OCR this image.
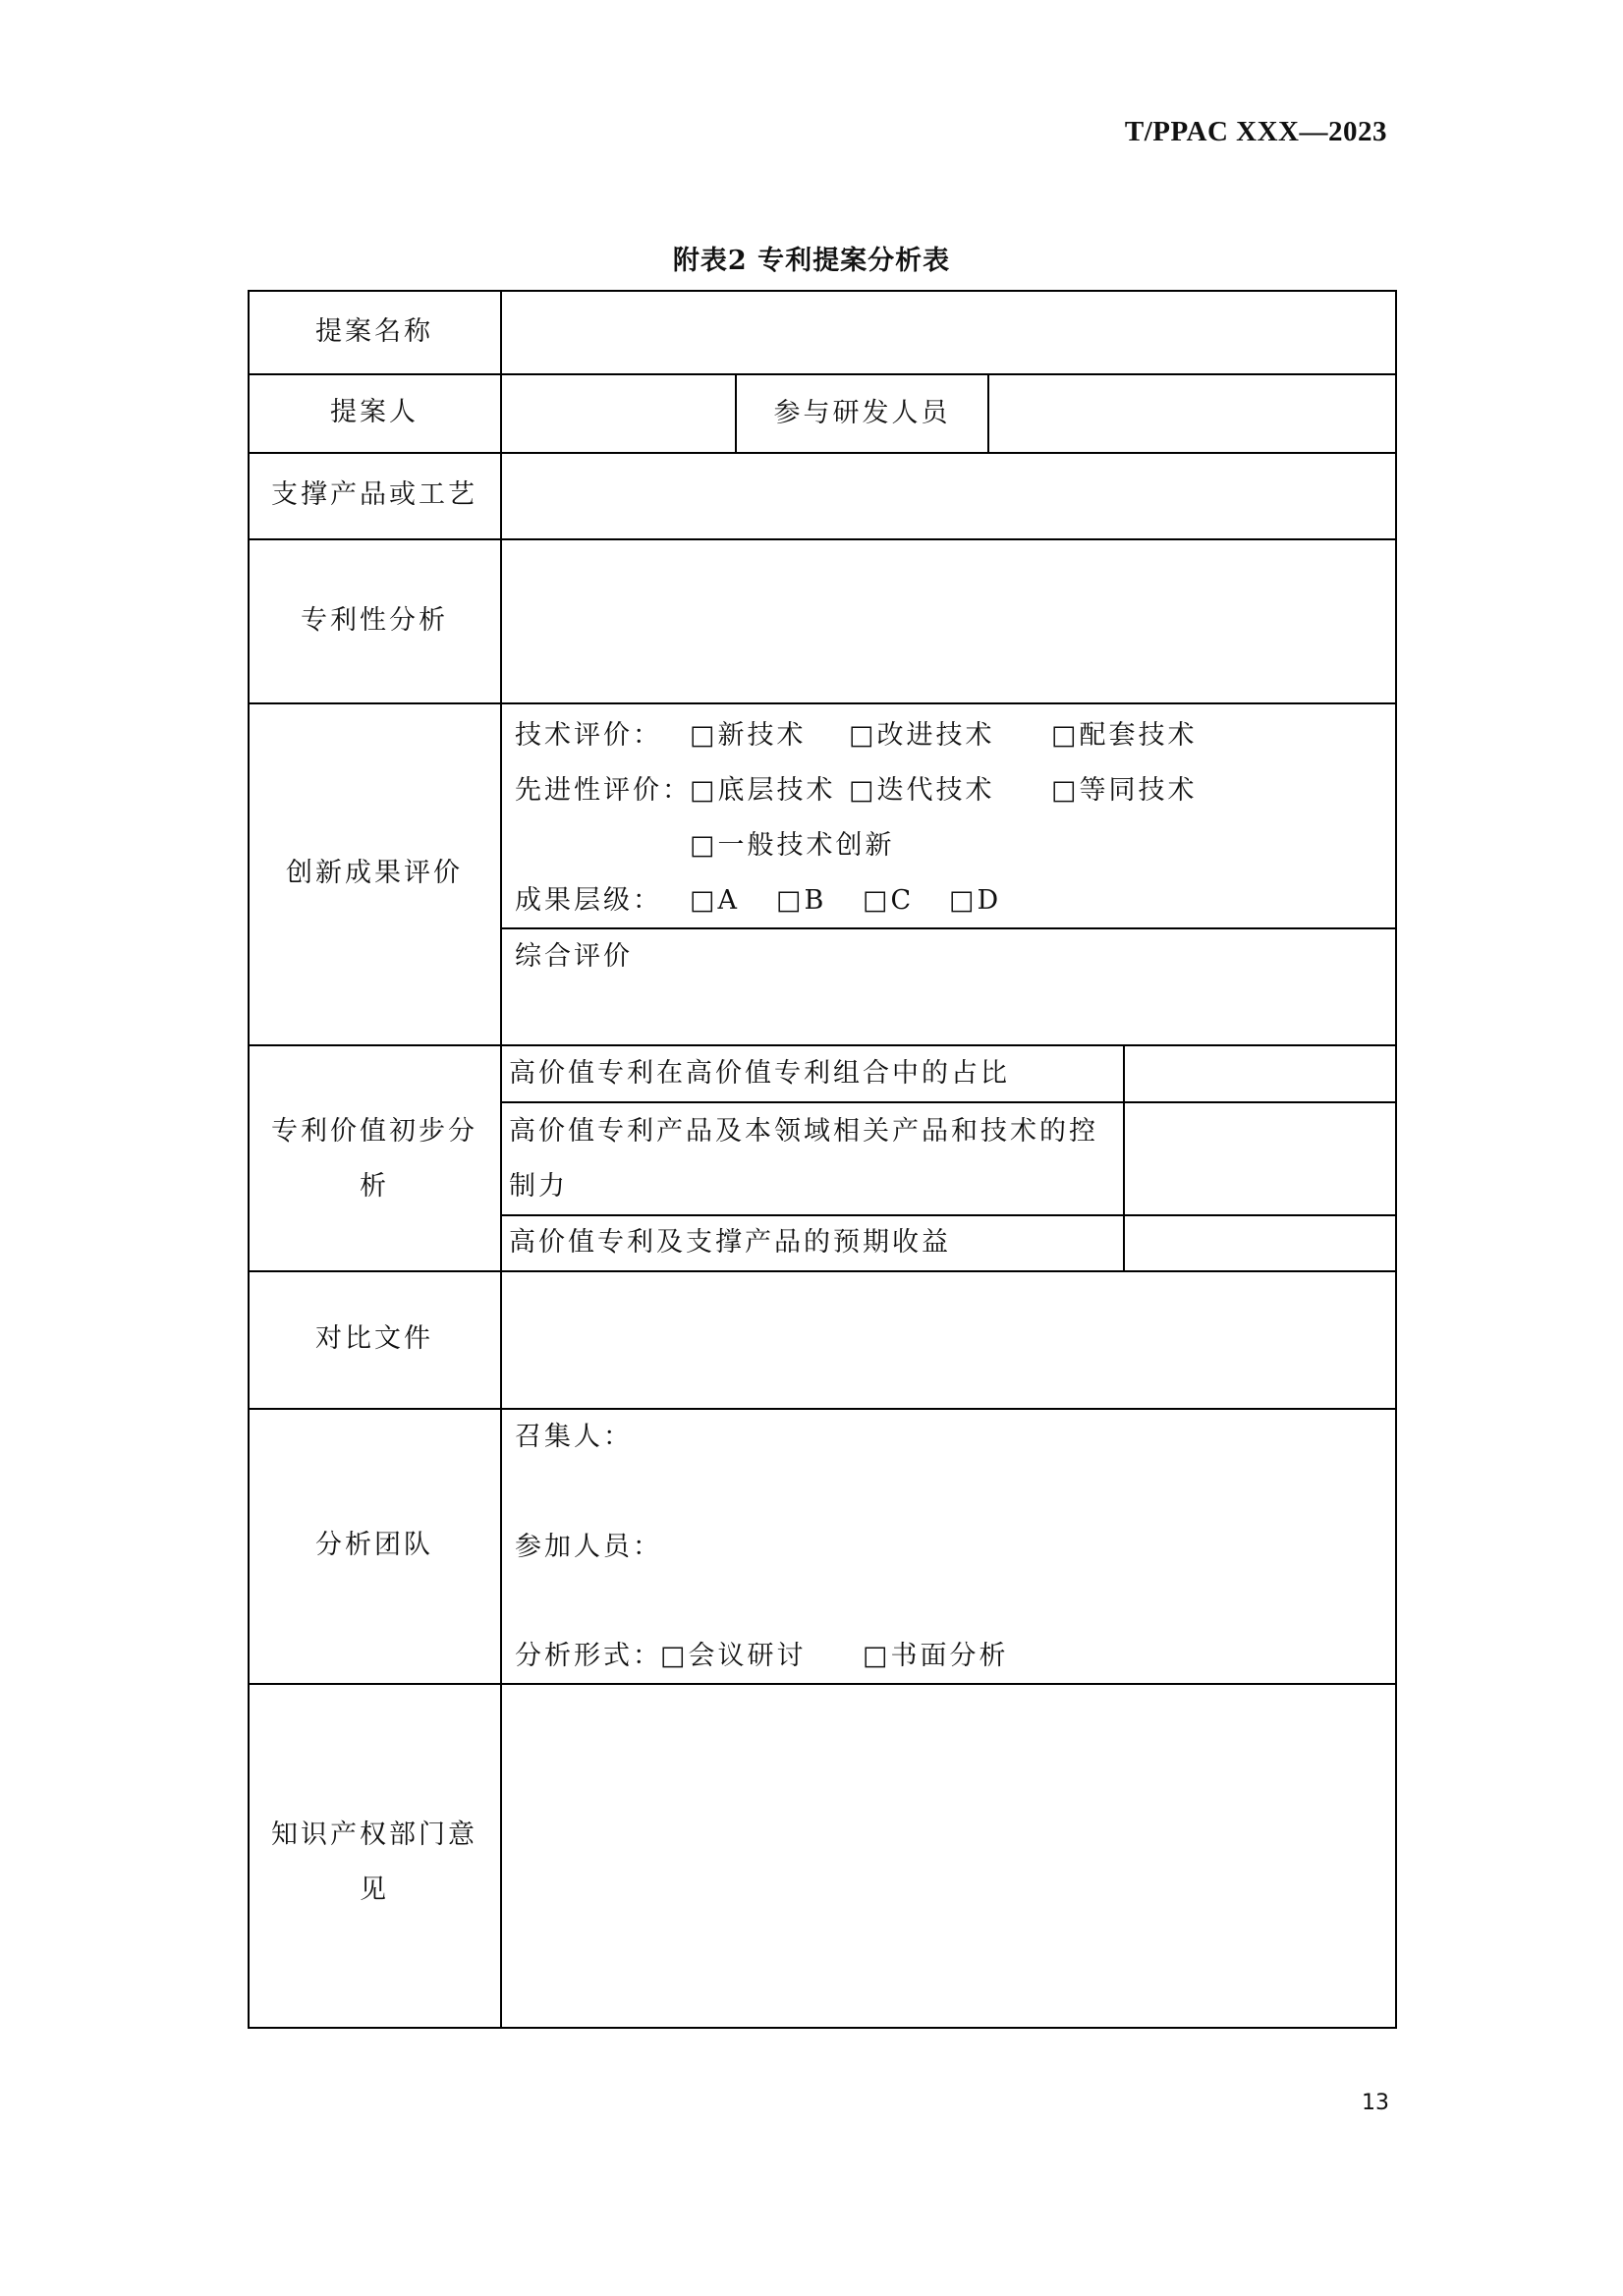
T/PPAC XXX—2023
附表2 专利提案分析表
提案名称
提案人	参与研发人员
支撑产品或工艺
专利性分析
创新成果评价
技术评价： □新技术 □改进技术 □配套技术
先进性评价：
□底层技术 □迭代技术 □等同技术
□一般技术创新
成果层级： □A □B □C □D
综合评价
专利价值初步分
析
高价值专利在高价值专利组合中的占比
高价值专利产品及本领域相关产品和技术的控
制力
高价值专利及支撑产品的预期收益
对比文件
分析团队
召集人：
参加人员：
分析形式：
□会议研讨 □书面分析
知识产权部门意
见
13
